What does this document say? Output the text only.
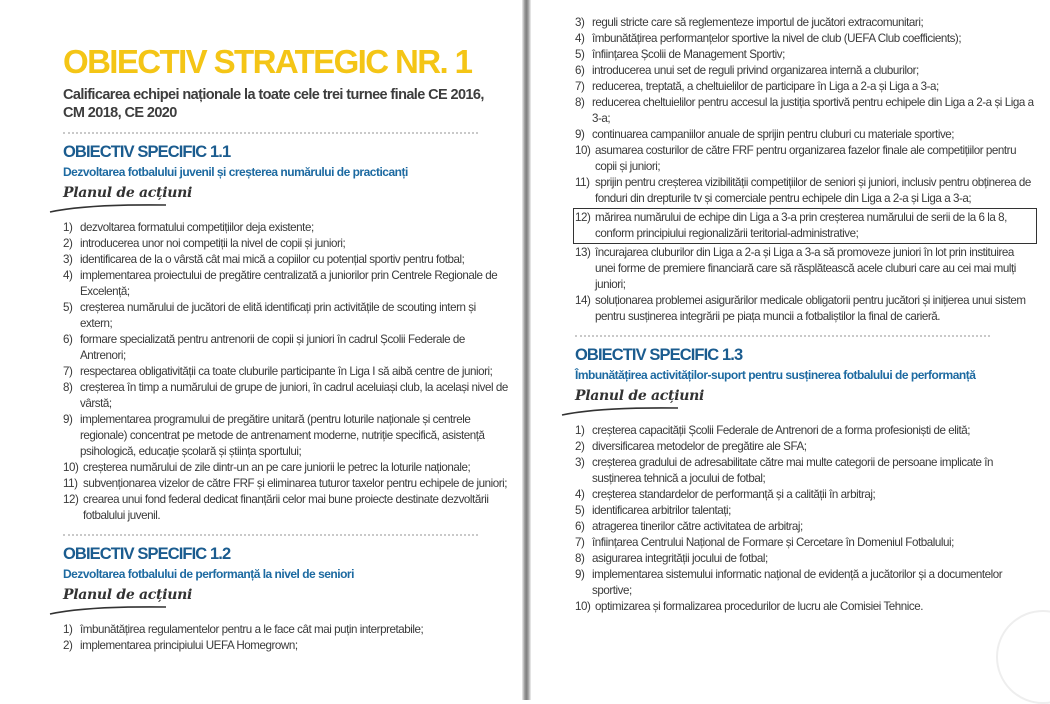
OBIECTIV STRATEGIC NR. 1
Calificarea echipei naționale la toate cele trei turnee finale CE 2016, CM 2018, CE 2020
OBIECTIV SPECIFIC 1.1
Dezvoltarea fotbalului juvenil și creșterea numărului de practicanți
Planul de acțiuni
1) dezvoltarea formatului competițiilor deja existente;
2) introducerea unor noi competiții la nivel de copii și juniori;
3) identificarea de la o vârstă cât mai mică a copiilor cu potențial sportiv pentru fotbal;
4) implementarea proiectului de pregătire centralizată a juniorilor prin Centrele Regionale de Excelență;
5) creșterea numărului de jucători de elită identificați prin activitățile de scouting intern și extern;
6) formare specializată pentru antrenorii de copii și juniori în cadrul Școlii Federale de Antrenori;
7) respectarea obligativității ca toate cluburile participante în Liga I să aibă centre de juniori;
8) creșterea în timp a numărului de grupe de juniori, în cadrul aceluiași club, la același nivel de vârstă;
9) implementarea programului de pregătire unitară (pentru loturile naționale și centrele regionale) concentrat pe metode de antrenament moderne, nutriție specifică, asistență psihologică, educație școlară și știința sportului;
10) creșterea numărului de zile dintr-un an pe care juniorii le petrec la loturile naționale;
11) subvenționarea vizelor de către FRF și eliminarea tuturor taxelor pentru echipele de juniori;
12) crearea unui fond federal dedicat finanțării celor mai bune proiecte destinate dezvoltării fotbalului juvenil.
OBIECTIV SPECIFIC 1.2
Dezvoltarea fotbalului de performanță la nivel de seniori
Planul de acțiuni
1) îmbunătățirea regulamentelor pentru a le face cât mai puțin interpretabile;
2) implementarea principiului UEFA Homegrown;
3) reguli stricte care să reglementeze importul de jucători extracomunitari;
4) îmbunătățirea performanțelor sportive la nivel de club (UEFA Club coefficients);
5) înființarea Școlii de Management Sportiv;
6) introducerea unui set de reguli privind organizarea internă a cluburilor;
7) reducerea, treptată, a cheltuielilor de participare în Liga a 2-a și Liga a 3-a;
8) reducerea cheltuielilor pentru accesul la justiția sportivă pentru echipele din Liga a 2-a și Liga a 3-a;
9) continuarea campaniilor anuale de sprijin pentru cluburi cu materiale sportive;
10) asumarea costurilor de către FRF pentru organizarea fazelor finale ale competițiilor pentru copii și juniori;
11) sprijin pentru creșterea vizibilității competițiilor de seniori și juniori, inclusiv pentru obținerea de fonduri din drepturile tv și comerciale pentru echipele din Liga a 2-a și Liga a 3-a;
12) mărirea numărului de echipe din Liga a 3-a prin creșterea numărului de serii de la 6 la 8, conform principiului regionalizării teritorial-administrative;
13) încurajarea cluburilor din Liga a 2-a și Liga a 3-a să promoveze juniori în lot prin instituirea unei forme de premiere financiară care să răsplătească acele cluburi care au cei mai mulți juniori;
14) soluționarea problemei asigurărilor medicale obligatorii pentru jucători și inițierea unui sistem pentru susținerea integrării pe piața muncii a fotbaliștilor la final de carieră.
OBIECTIV SPECIFIC 1.3
Îmbunătățirea activităților-suport pentru susținerea fotbalului de performanță
Planul de acțiuni
1) creșterea capacității Școlii Federale de Antrenori de a forma profesioniști de elită;
2) diversificarea metodelor de pregătire ale SFA;
3) creșterea gradului de adresabilitate către mai multe categorii de persoane implicate în susținerea tehnică a jocului de fotbal;
4) creșterea standardelor de performanță și a calității în arbitraj;
5) identificarea arbitrilor talentați;
6) atragerea tinerilor către activitatea de arbitraj;
7) înființarea Centrului Național de Formare și Cercetare în Domeniul Fotbalului;
8) asigurarea integrității jocului de fotbal;
9) implementarea sistemului informatic național de evidență a jucătorilor și a documentelor sportive;
10) optimizarea și formalizarea procedurilor de lucru ale Comisiei Tehnice.
